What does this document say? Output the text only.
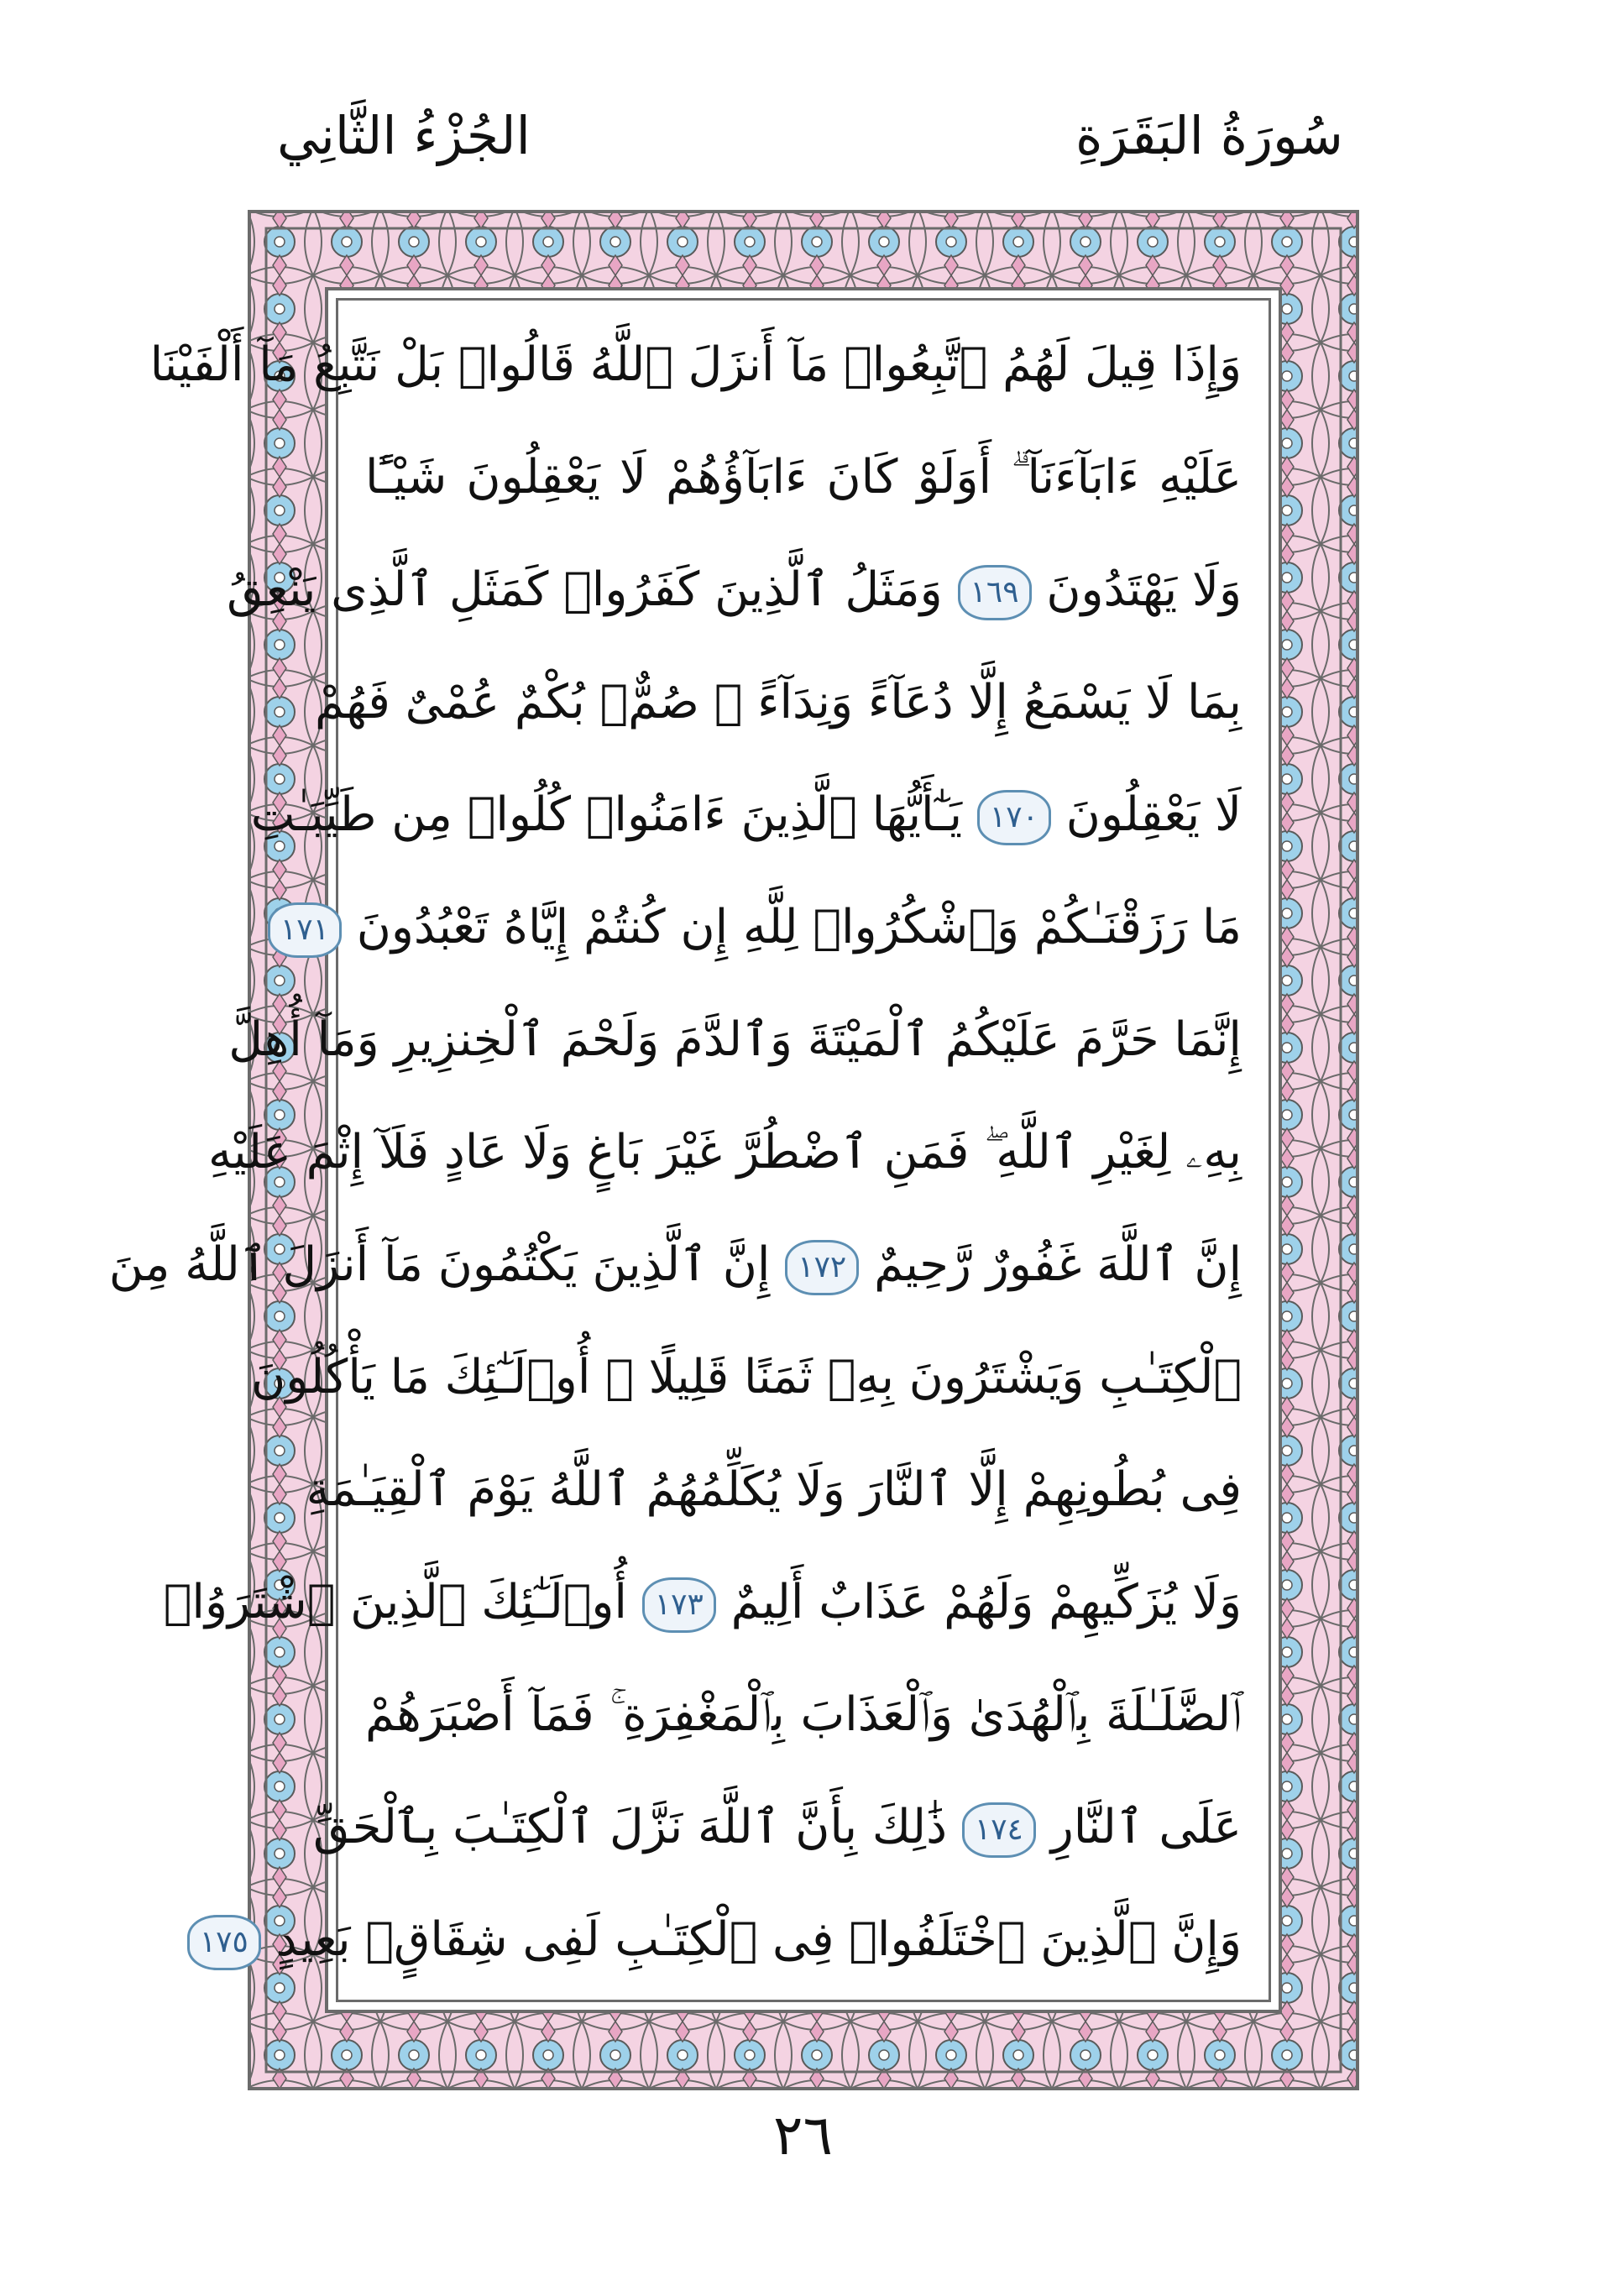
سُورَةُ البَقَرَةِ
الجُزْءُ الثَّانِي
وَإِذَا قِيلَ لَهُمُ ٱتَّبِعُوا۟ مَآ أَنزَلَ ٱللَّهُ قَالُوا۟ بَلْ نَتَّبِعُ مَآ أَلْفَيْنَا
عَلَيْهِ ءَابَآءَنَآ ۗ أَوَلَوْ كَانَ ءَابَآؤُهُمْ لَا يَعْقِلُونَ شَيْـًٔا
وَلَا يَهْتَدُونَ ١٦٩ وَمَثَلُ ٱلَّذِينَ كَفَرُوا۟ كَمَثَلِ ٱلَّذِى يَنْعِقُ
بِمَا لَا يَسْمَعُ إِلَّا دُعَآءً وَنِدَآءً ۚ صُمٌّۢ بُكْمٌ عُمْىٌ فَهُمْ
لَا يَعْقِلُونَ ١٧٠ يَـٰٓأَيُّهَا ٱلَّذِينَ ءَامَنُوا۟ كُلُوا۟ مِن طَيِّبَـٰتِ
مَا رَزَقْنَـٰكُمْ وَٱشْكُرُوا۟ لِلَّهِ إِن كُنتُمْ إِيَّاهُ تَعْبُدُونَ ١٧١
إِنَّمَا حَرَّمَ عَلَيْكُمُ ٱلْمَيْتَةَ وَٱلدَّمَ وَلَحْمَ ٱلْخِنزِيرِ وَمَآ أُهِلَّ
بِهِۦ لِغَيْرِ ٱللَّهِ ۖ فَمَنِ ٱضْطُرَّ غَيْرَ بَاغٍ وَلَا عَادٍ فَلَآ إِثْمَ عَلَيْهِ
إِنَّ ٱللَّهَ غَفُورٌ رَّحِيمٌ ١٧٢ إِنَّ ٱلَّذِينَ يَكْتُمُونَ مَآ أَنزَلَ ٱللَّهُ مِنَ
ٱلْكِتَـٰبِ وَيَشْتَرُونَ بِهِۦ ثَمَنًا قَلِيلًا ۙ أُو۟لَـٰٓئِكَ مَا يَأْكُلُونَ
فِى بُطُونِهِمْ إِلَّا ٱلنَّارَ وَلَا يُكَلِّمُهُمُ ٱللَّهُ يَوْمَ ٱلْقِيَـٰمَةِ
وَلَا يُزَكِّيهِمْ وَلَهُمْ عَذَابٌ أَلِيمٌ ١٧٣ أُو۟لَـٰٓئِكَ ٱلَّذِينَ ٱشْتَرَوُا۟
ٱلضَّلَـٰلَةَ بِٱلْهُدَىٰ وَٱلْعَذَابَ بِٱلْمَغْفِرَةِ ۚ فَمَآ أَصْبَرَهُمْ
عَلَى ٱلنَّارِ ١٧٤ ذَٰلِكَ بِأَنَّ ٱللَّهَ نَزَّلَ ٱلْكِتَـٰبَ بِٱلْحَقِّ
وَإِنَّ ٱلَّذِينَ ٱخْتَلَفُوا۟ فِى ٱلْكِتَـٰبِ لَفِى شِقَاقٍۭ بَعِيدٍ ١٧٥
٢٦
